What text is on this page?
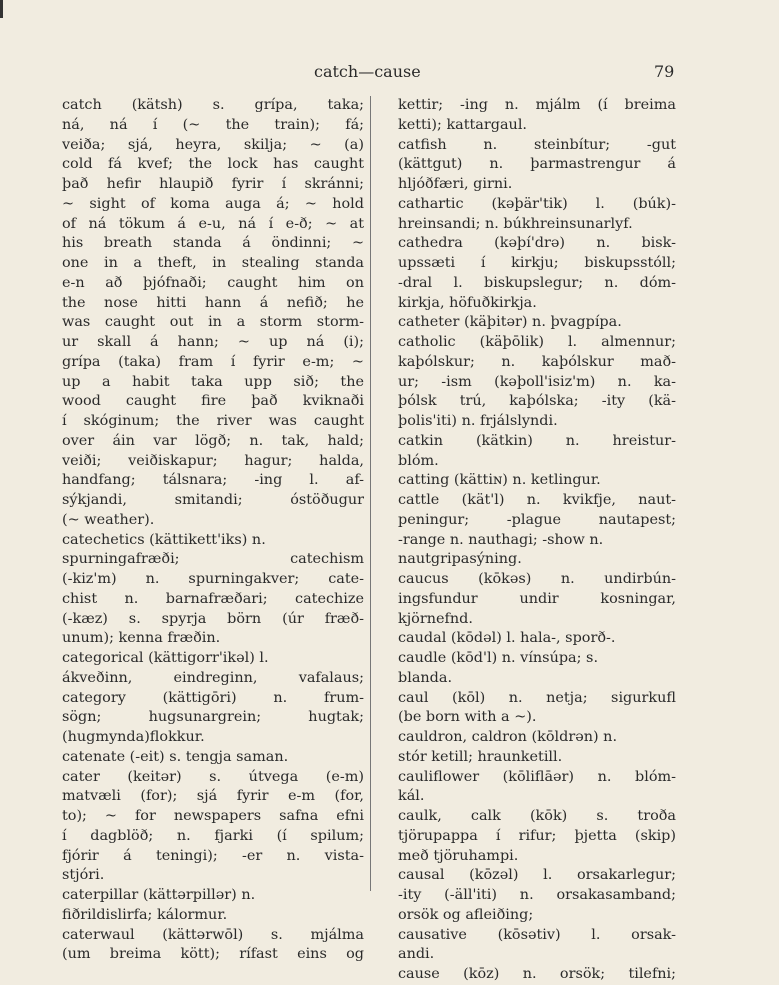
catch—cause	79
catch (kätsh) s. grípa, taka;
ná, ná í (~ the train); fá;
veiða; sjá, heyra, skilja; ~ (a)
cold fá kvef; the lock has caught
það hefir hlaupið fyrir í skránni;
~ sight of koma auga á; ~ hold
of ná tökum á e-u, ná í e-ð; ~ at
his breath standa á öndinni; ~
one in a theft, in stealing standa
e-n að þjófnaði; caught him on
the nose hitti hann á nefið; he
was caught out in a storm storm-
ur skall á hann; ~ up ná (i);
grípa (taka) fram í fyrir e-m; ~
up a habit taka upp sið; the
wood caught fire það kviknaði
í skóginum; the river was caught
over áin var lögð; n. tak, hald;
veiði; veiðiskapur; hagur; halda,
handfang; tálsnara; -ing l. af-
sýkjandi, smitandi; óstöðugur
(~ weather).
catechetics (kättikett'iks) n.
spurningafræði; catechism
(-kiz'm) n. spurningakver; cate-
chist n. barnafræðari; catechize
(-kæz) s. spyrja börn (úr fræð-
unum); kenna fræðin.
categorical (kättigorr'ikəl) l.
ákveðinn, eindreginn, vafalaus;
category (kättigōri) n. frum-
sögn; hugsunargrein; hugtak;
(hugmynda)flokkur.
catenate (-eit) s. tengja saman.
cater (keitər) s. útvega (e-m)
matvæli (for); sjá fyrir e-m (for,
to); ~ for newspapers safna efni
í dagblöð; n. fjarki (í spilum;
fjórir á teningi); -er n. vista-
stjóri.
caterpillar (kättərpillər) n.
fiðrildislirfa; kálormur.
caterwaul (kättərwōl) s. mjálma
(um breima kött); rífast eins og
kettir; -ing n. mjálm (í breima
ketti); kattargaul.
catfish n. steinbítur; -gut
(kättgut) n. þarmastrengur á
hljóðfæri, girni.
cathartic (kəþär'tik) l. (búk)-
hreinsandi; n. búkhreinsunarlyf.
cathedra (kəþí'drə) n. bisk-
upssæti í kirkju; biskupsstóll;
-dral l. biskupslegur; n. dóm-
kirkja, höfuðkirkja.
catheter (käþitər) n. þvagpípa.
catholic (käþōlik) l. almennur;
kaþólskur; n. kaþólskur mað-
ur; -ism (kəþoll'isiz'm) n. ka-
þólsk trú, kaþólska; -ity (kä-
þolis'iti) n. frjálslyndi.
catkin (kätkin) n. hreistur-
blóm.
catting (kättiɴ) n. ketlingur.
cattle (kät'l) n. kvikfje, naut-
peningur; -plague nautapest;
-range n. nauthagi; -show n.
nautgripasýning.
caucus (kōkəs) n. undirbún-
ingsfundur undir kosningar,
kjörnefnd.
caudal (kōdəl) l. hala-, sporð-.
caudle (kōd'l) n. vínsúpa; s.
blanda.
caul (kōl) n. netja; sigurkufl
(be born with a ~).
cauldron, caldron (kōldrən) n.
stór ketill; hraunketill.
cauliflower (kōliflāər) n. blóm-
kál.
caulk, calk (kōk) s. troða
tjörupappa í rifur; þjetta (skip)
með tjöruhampi.
causal (kōzəl) l. orsakarlegur;
-ity (-äll'iti) n. orsakasamband;
orsök og afleiðing;
causative (kōsətiv) l. orsak-
andi.
cause (kōz) n. orsök; tilefni;
